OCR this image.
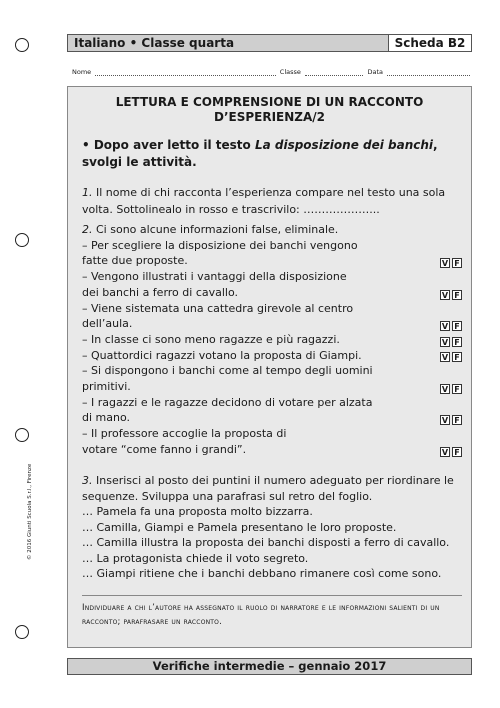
Italiano • Classe quarta	Scheda B2
Nome	Classe	Data
LETTURA E COMPRENSIONE DI UN RACCONTO
D’ESPERIENZA/2
• Dopo aver letto il testo La disposizione dei banchi, svolgi le attività.
1. Il nome di chi racconta l’esperienza compare nel testo una sola volta. Sottolinealo in rosso e trascrivilo: ………………...
2. Ci sono alcune informazioni false, eliminale.
– Per scegliere la disposizione dei banchi vengono
fatte due proposte.	V F
– Vengono illustrati i vantaggi della disposizione
dei banchi a ferro di cavallo.	V F
– Viene sistemata una cattedra girevole al centro
dell’aula.	V F
– In classe ci sono meno ragazze e più ragazzi.	V F
– Quattordici ragazzi votano la proposta di Giampi.	V F
– Si dispongono i banchi come al tempo degli uomini
primitivi.	V F
– I ragazzi e le ragazze decidono di votare per alzata
di mano.	V F
– Il professore accoglie la proposta di
votare “come fanno i grandi”.	V F
3. Inserisci al posto dei puntini il numero adeguato per riordinare le sequenze. Sviluppa una parafrasi sul retro del foglio.
… Pamela fa una proposta molto bizzarra.
… Camilla, Giampi e Pamela presentano le loro proposte.
… Camilla illustra la proposta dei banchi disposti a ferro di cavallo.
… La protagonista chiede il voto segreto.
… Giampi ritiene che i banchi debbano rimanere così come sono.
Individuare a chi l’autore ha assegnato il ruolo di narratore e le informazioni salienti di un racconto; parafrasare un racconto.
Verifiche intermedie – gennaio 2017
© 2016 Giunti Scuola S.r.l., Firenze
